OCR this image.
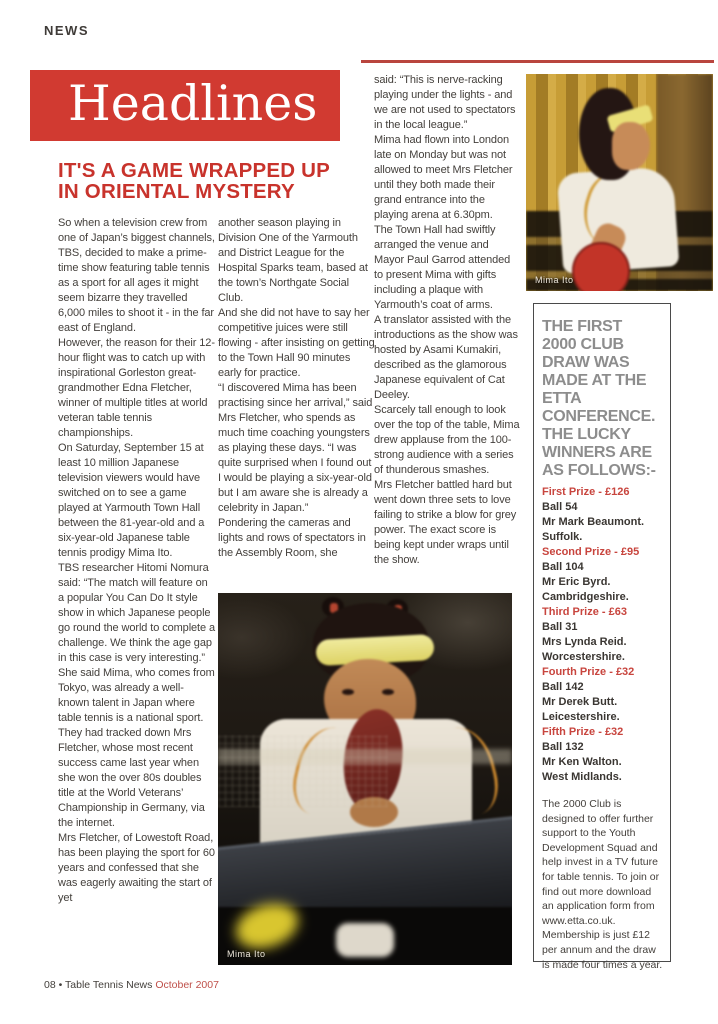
NEWS
Headlines
IT'S A GAME WRAPPED UP
IN ORIENTAL MYSTERY

So when a television crew from one of Japan’s biggest channels, TBS, decided to make a prime-time show featuring table tennis as a sport for all ages it might seem bizarre they travelled 6,000 miles to shoot it - in the far east of England.

However, the reason for their 12-hour flight was to catch up with inspirational Gorleston great-grandmother Edna Fletcher, winner of multiple titles at world veteran table tennis championships.

On Saturday, September 15 at least 10 million Japanese television viewers would have switched on to see a game played at Yarmouth Town Hall between the 81-year-old and a six-year-old Japanese table tennis prodigy Mima Ito.

TBS researcher Hitomi Nomura said: “The match will feature on a popular You Can Do It style show in which Japanese people go round the world to complete a challenge. We think the age gap in this case is very interesting.”

She said Mima, who comes from Tokyo, was already a well-known talent in Japan where table tennis is a national sport.

They had tracked down Mrs Fletcher, whose most recent success came last year when she won the over 80s doubles title at the World Veterans’ Championship in Germany, via the internet.

Mrs Fletcher, of Lowestoft Road, has been playing the sport for 60 years and confessed that she was eagerly awaiting the start of yet

another season playing in Division One of the Yarmouth and District League for the Hospital Sparks team, based at the town’s Northgate Social Club.

And she did not have to say her competitive juices were still flowing - after insisting on getting to the Town Hall 90 minutes early for practice.

“I discovered Mima has been practising since her arrival,” said Mrs Fletcher, who spends as much time coaching youngsters as playing these days. “I was quite surprised when I found out I would be playing a six-year-old but I am aware she is already a celebrity in Japan.”

Pondering the cameras and lights and rows of spectators in the Assembly Room, she

said: “This is nerve-racking playing under the lights - and we are not used to spectators in the local league.”

Mima had flown into London late on Monday but was not allowed to meet Mrs Fletcher until they both made their grand entrance into the playing arena at 6.30pm.

The Town Hall had swiftly arranged the venue and Mayor Paul Garrod attended to present Mima with gifts including a plaque with Yarmouth’s coat of arms.

A translator assisted with the introductions as the show was hosted by Asami Kumakiri, described as the glamorous Japanese equivalent of Cat Deeley.

Scarcely tall enough to look over the top of the table, Mima drew applause from the 100-strong audience with a series of thunderous smashes.

Mrs Fletcher battled hard but went down three sets to love failing to strike a blow for grey power. The exact score is being kept under wraps until the show.

Mima Ito
Mima Ito
THE FIRST
2000 CLUB
DRAW WAS
MADE AT THE
ETTA
CONFERENCE.
THE LUCKY
WINNERS ARE
AS FOLLOWS:-
First Prize - £126
Ball 54
Mr Mark Beaumont.
Suffolk.
Second Prize - £95
Ball 104
Mr Eric Byrd.
Cambridgeshire.
Third Prize - £63
Ball 31
Mrs Lynda Reid.
Worcestershire.
Fourth Prize - £32
Ball 142
Mr Derek Butt.
Leicestershire.
Fifth Prize - £32
Ball 132
Mr Ken Walton.
West Midlands.

The 2000 Club is designed to offer further support to the Youth Development Squad and help invest in a TV future for table tennis. To join or find out more download an application form from www.etta.co.uk. Membership is just £12 per annum and the draw is made four times a year.

08 • Table Tennis News October 2007
